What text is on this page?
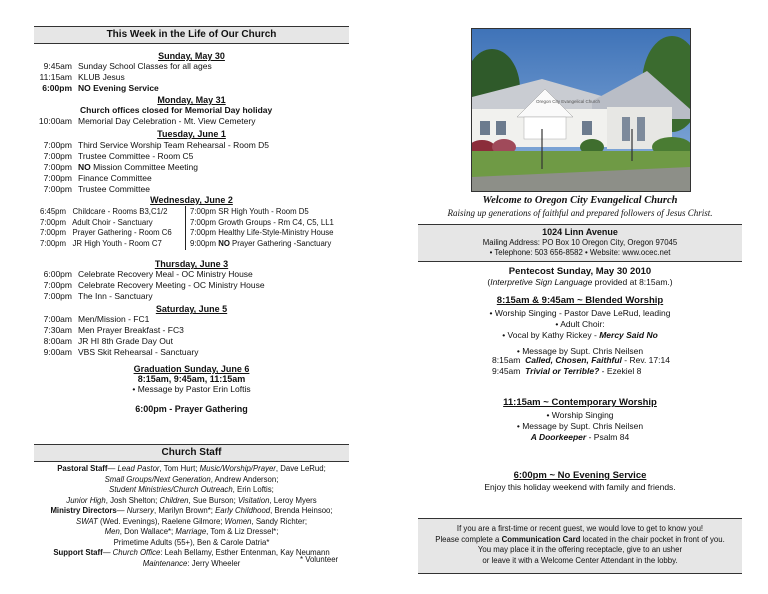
This Week in the Life of Our Church
Sunday, May 30
9:45am Sunday School Classes for all ages
11:15am KLUB Jesus
6:00pm NO Evening Service
Monday, May 31
Church offices closed for Memorial Day holiday
10:00am Memorial Day Celebration - Mt. View Cemetery
Tuesday, June 1
7:00pm Third Service Worship Team Rehearsal - Room D5
7:00pm Trustee Committee - Room C5
7:00pm NO Mission Committee Meeting
7:00pm Finance Committee
7:00pm Trustee Committee
Wednesday, June 2
6:45pm Childcare - Rooms B3,C1/2
7:00pm Adult Choir - Sanctuary
7:00pm Prayer Gathering - Room C6
7:00pm JR High Youth - Room C7
7:00pm SR High Youth - Room D5
7:00pm Growth Groups - Rm C4, C5, LL1
7:00pm Healthy Life-Style-Ministry House
9:00pm NO Prayer Gathering -Sanctuary
Thursday, June 3
6:00pm Celebrate Recovery Meal - OC Ministry House
7:00pm Celebrate Recovery Meeting - OC Ministry House
7:00pm The Inn - Sanctuary
Saturday, June 5
7:00am Men/Mission - FC1
7:30am Men Prayer Breakfast - FC3
8:00am JR HI 8th Grade Day Out
9:00am VBS Skit Rehearsal - Sanctuary
Graduation Sunday, June 6
8:15am, 9:45am, 11:15am
• Message by Pastor Erin Loftis
6:00pm - Prayer Gathering
Church Staff
Pastoral Staff— Lead Pastor, Tom Hurt; Music/Worship/Prayer, Dave LeRud;
Small Groups/Next Generation, Andrew Anderson;
Student Ministries/Church Outreach, Erin Loftis;
Junior High, Josh Shelton; Children, Sue Burson; Visitation, Leroy Myers
Ministry Directors— Nursery, Marilyn Brown*; Early Childhood, Brenda Heinsoo;
SWAT (Wed. Evenings), Raelene Gilmore; Women, Sandy Richter;
Men, Don Wallace*; Marriage, Tom & Liz Dressel*;
Primetime Adults (55+), Ben & Carole Datria*
Support Staff— Church Office: Leah Bellamy, Esther Entenman, Kay Neumann
Maintenance: Jerry Wheeler	* Volunteer
Oregon City Evangelical Church
Welcome to Oregon City Evangelical Church
Raising up generations of faithful and prepared followers of Jesus Christ.
1024 Linn Avenue
Mailing Address: PO Box 10 Oregon City, Oregon 97045
• Telephone: 503 656-8582 • Website: www.ocec.net
Pentecost Sunday, May 30 2010
(Interpretive Sign Language provided at 8:15am.)
8:15am & 9:45am ~ Blended Worship
• Worship Singing - Pastor Dave LeRud, leading
• Adult Choir:
• Vocal by Kathy Rickey - Mercy Said No
• Message by Supt. Chris Neilsen
8:15am Called, Chosen, Faithful - Rev. 17:14
9:45am Trivial or Terrible? - Ezekiel 8
11:15am ~ Contemporary Worship
• Worship Singing
• Message by Supt. Chris Neilsen
A Doorkeeper - Psalm 84
6:00pm ~ No Evening Service
Enjoy this holiday weekend with family and friends.
If you are a first-time or recent guest, we would love to get to know you!
Please complete a Communication Card located in the chair pocket in front of you.
You may place it in the offering receptacle, give to an usher
or leave it with a Welcome Center Attendant in the lobby.
